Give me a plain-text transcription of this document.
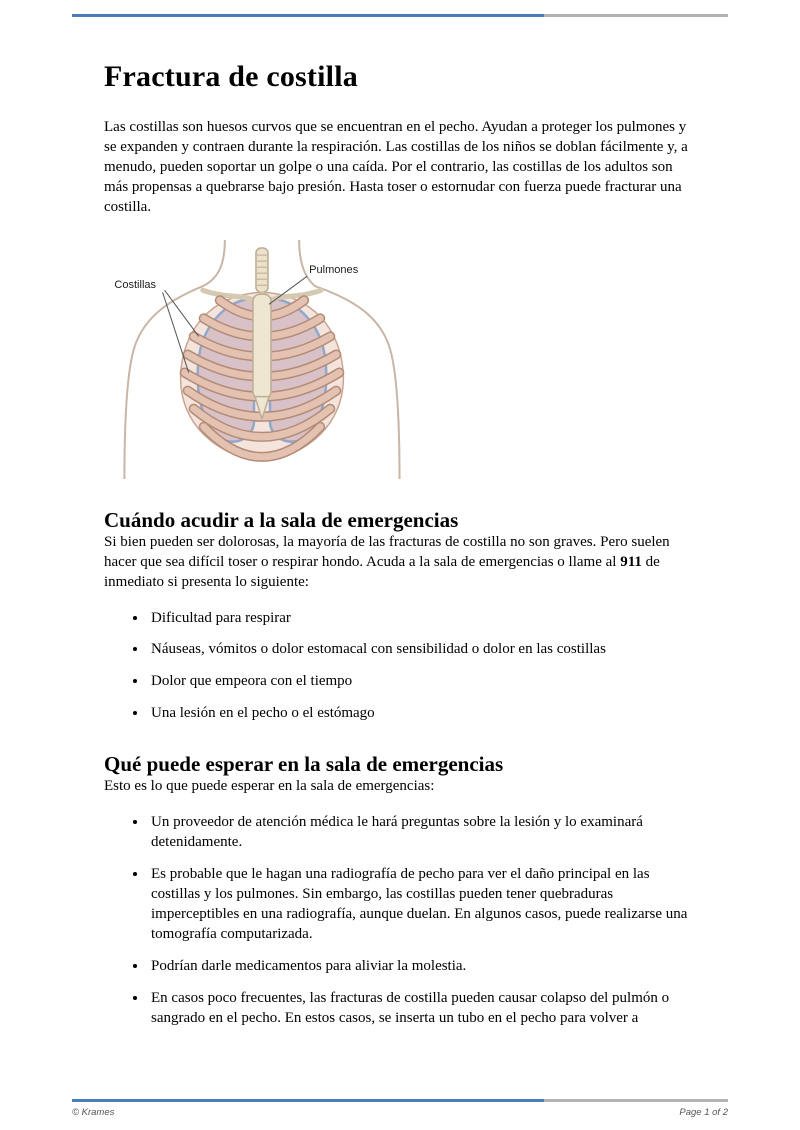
Fractura de costilla

Las costillas son huesos curvos que se encuentran en el pecho. Ayudan a proteger los pulmones y se expanden y contraen durante la respiración. Las costillas de los niños se doblan fácilmente y, a menudo, pueden soportar un golpe o una caída. Por el contrario, las costillas de los adultos son más propensas a quebrarse bajo presión. Hasta toser o estornudar con fuerza puede fracturar una costilla.

Costillas
Pulmones
Cuándo acudir a la sala de emergencias

Si bien pueden ser dolorosas, la mayoría de las fracturas de costilla no son graves. Pero suelen hacer que sea difícil toser o respirar hondo. Acuda a la sala de emergencias o llame al 911 de inmediato si presenta lo siguiente:

• Dificultad para respirar
• Náuseas, vómitos o dolor estomacal con sensibilidad o dolor en las costillas
• Dolor que empeora con el tiempo
• Una lesión en el pecho o el estómago
Qué puede esperar en la sala de emergencias

Esto es lo que puede esperar en la sala de emergencias:

• Un proveedor de atención médica le hará preguntas sobre la lesión y lo examinará detenidamente.
• Es probable que le hagan una radiografía de pecho para ver el daño principal en las costillas y los pulmones. Sin embargo, las costillas pueden tener quebraduras imperceptibles en una radiografía, aunque duelan. En algunos casos, puede realizarse una tomografía computarizada.
• Podrían darle medicamentos para aliviar la molestia.
• En casos poco frecuentes, las fracturas de costilla pueden causar colapso del pulmón o sangrado en el pecho. En estos casos, se inserta un tubo en el pecho para volver a
© Krames	Page 1 of 2
